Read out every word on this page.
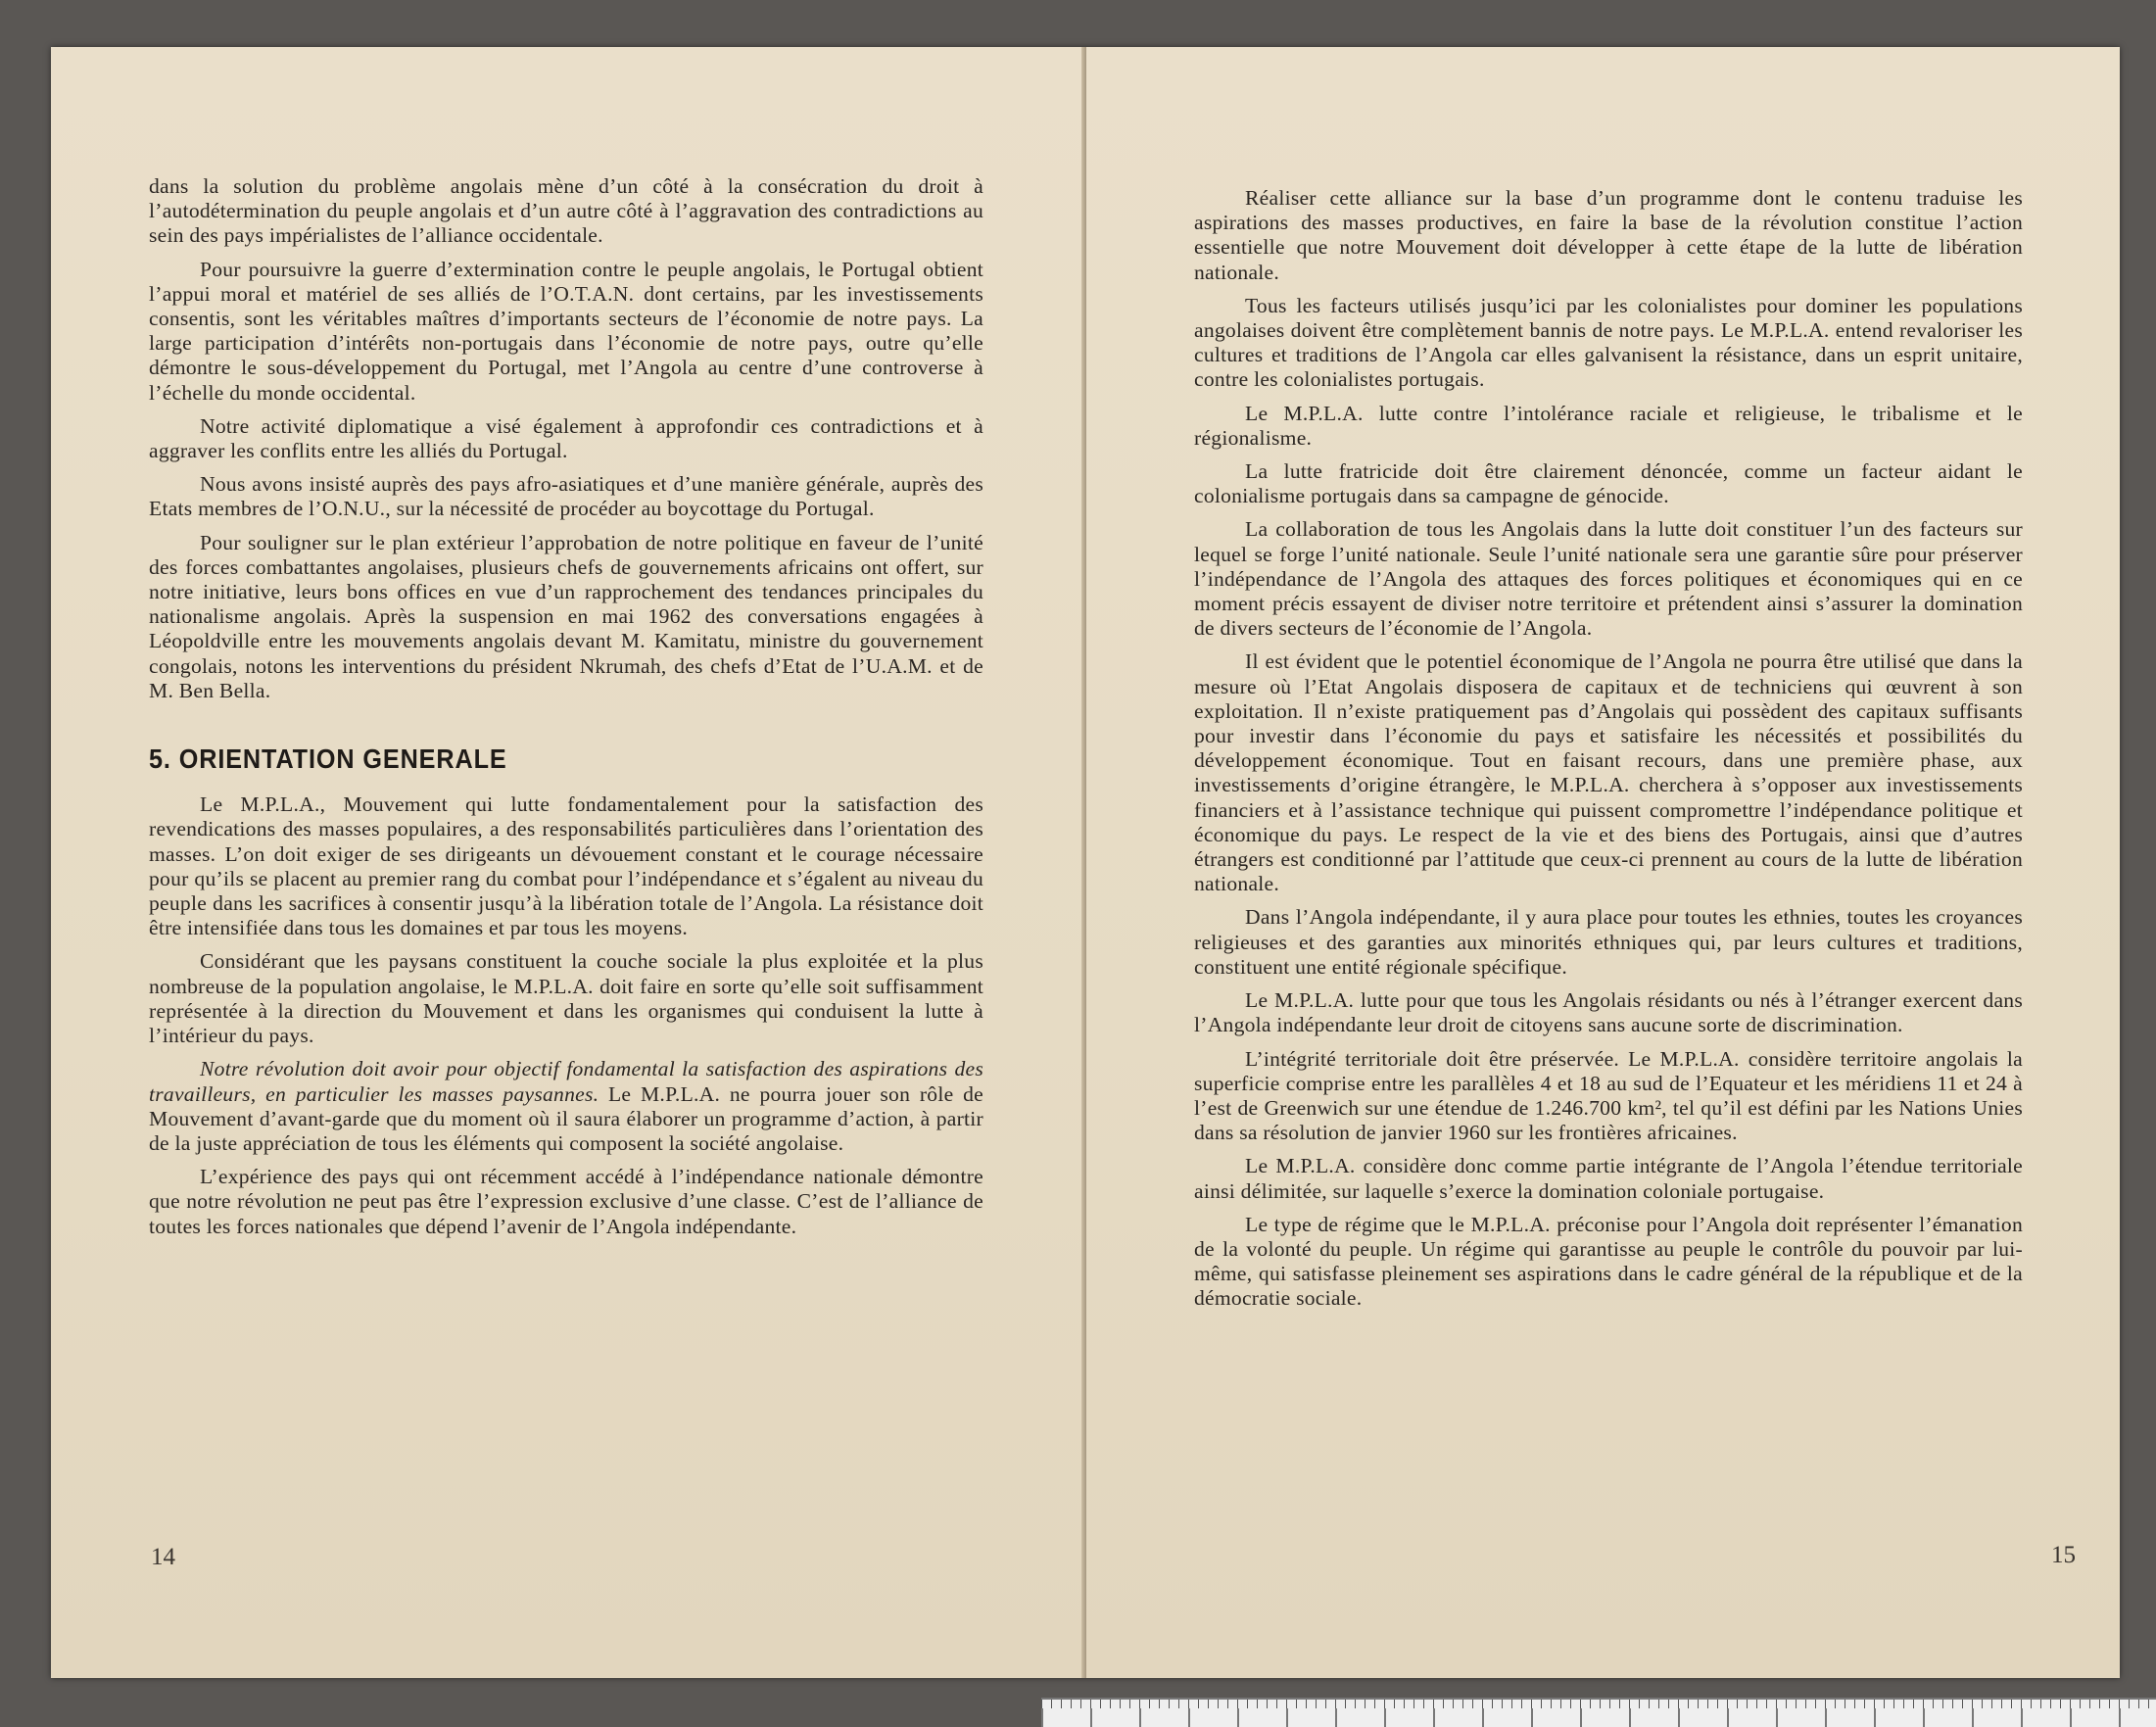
dans la solution du problème angolais mène d’un côté à la consécration du droit à l’autodétermination du peuple angolais et d’un autre côté à l’aggravation des contradictions au sein des pays impérialistes de l’alliance occidentale.

Pour poursuivre la guerre d’extermination contre le peuple angolais, le Portugal obtient l’appui moral et matériel de ses alliés de l’O.T.A.N. dont certains, par les investissements consentis, sont les véritables maîtres d’importants secteurs de l’économie de notre pays. La large participation d’intérêts non-portugais dans l’économie de notre pays, outre qu’elle démontre le sous-développement du Portugal, met l’Angola au centre d’une controverse à l’échelle du monde occidental.

Notre activité diplomatique a visé également à approfondir ces contradictions et à aggraver les conflits entre les alliés du Portugal.

Nous avons insisté auprès des pays afro-asiatiques et d’une manière générale, auprès des Etats membres de l’O.N.U., sur la nécessité de procéder au boycottage du Portugal.

Pour souligner sur le plan extérieur l’approbation de notre politique en faveur de l’unité des forces combattantes angolaises, plusieurs chefs de gouvernements africains ont offert, sur notre initiative, leurs bons offices en vue d’un rapprochement des tendances principales du nationalisme angolais. Après la suspension en mai 1962 des conversations engagées à Léopoldville entre les mouvements angolais devant M. Kamitatu, ministre du gouvernement congolais, notons les interventions du président Nkrumah, des chefs d’Etat de l’U.A.M. et de M. Ben Bella.

5. ORIENTATION GENERALE

Le M.P.L.A., Mouvement qui lutte fondamentalement pour la satisfaction des revendications des masses populaires, a des responsabilités particulières dans l’orientation des masses. L’on doit exiger de ses dirigeants un dévouement constant et le courage nécessaire pour qu’ils se placent au premier rang du combat pour l’indépendance et s’égalent au niveau du peuple dans les sacrifices à consentir jusqu’à la libération totale de l’Angola. La résistance doit être intensifiée dans tous les domaines et par tous les moyens.

Considérant que les paysans constituent la couche sociale la plus exploitée et la plus nombreuse de la population angolaise, le M.P.L.A. doit faire en sorte qu’elle soit suffisamment représentée à la direction du Mouvement et dans les organismes qui conduisent la lutte à l’intérieur du pays.

Notre révolution doit avoir pour objectif fondamental la satisfaction des aspirations des travailleurs, en particulier les masses paysannes. Le M.P.L.A. ne pourra jouer son rôle de Mouvement d’avant-garde que du moment où il saura élaborer un programme d’action, à partir de la juste appréciation de tous les éléments qui composent la société angolaise.

L’expérience des pays qui ont récemment accédé à l’indépendance nationale démontre que notre révolution ne peut pas être l’expression exclusive d’une classe. C’est de l’alliance de toutes les forces nationales que dépend l’avenir de l’Angola indépendante.

14

Réaliser cette alliance sur la base d’un programme dont le contenu traduise les aspirations des masses productives, en faire la base de la révolution constitue l’action essentielle que notre Mouvement doit développer à cette étape de la lutte de libération nationale.

Tous les facteurs utilisés jusqu’ici par les colonialistes pour dominer les populations angolaises doivent être complètement bannis de notre pays. Le M.P.L.A. entend revaloriser les cultures et traditions de l’Angola car elles galvanisent la résistance, dans un esprit unitaire, contre les colonialistes portugais.

Le M.P.L.A. lutte contre l’intolérance raciale et religieuse, le tribalisme et le régionalisme.

La lutte fratricide doit être clairement dénoncée, comme un facteur aidant le colonialisme portugais dans sa campagne de génocide.

La collaboration de tous les Angolais dans la lutte doit constituer l’un des facteurs sur lequel se forge l’unité nationale. Seule l’unité nationale sera une garantie sûre pour préserver l’indépendance de l’Angola des attaques des forces politiques et économiques qui en ce moment précis essayent de diviser notre territoire et prétendent ainsi s’assurer la domination de divers secteurs de l’économie de l’Angola.

Il est évident que le potentiel économique de l’Angola ne pourra être utilisé que dans la mesure où l’Etat Angolais disposera de capitaux et de techniciens qui œuvrent à son exploitation. Il n’existe pratiquement pas d’Angolais qui possèdent des capitaux suffisants pour investir dans l’économie du pays et satisfaire les nécessités et possibilités du développement économique. Tout en faisant recours, dans une première phase, aux investissements d’origine étrangère, le M.P.L.A. cherchera à s’opposer aux investissements financiers et à l’assistance technique qui puissent compromettre l’indépendance politique et économique du pays. Le respect de la vie et des biens des Portugais, ainsi que d’autres étrangers est conditionné par l’attitude que ceux-ci prennent au cours de la lutte de libération nationale.

Dans l’Angola indépendante, il y aura place pour toutes les ethnies, toutes les croyances religieuses et des garanties aux minorités ethniques qui, par leurs cultures et traditions, constituent une entité régionale spécifique.

Le M.P.L.A. lutte pour que tous les Angolais résidants ou nés à l’étranger exercent dans l’Angola indépendante leur droit de citoyens sans aucune sorte de discrimination.

L’intégrité territoriale doit être préservée. Le M.P.L.A. considère territoire angolais la superficie comprise entre les parallèles 4 et 18 au sud de l’Equateur et les méridiens 11 et 24 à l’est de Greenwich sur une étendue de 1.246.700 km², tel qu’il est défini par les Nations Unies dans sa résolution de janvier 1960 sur les frontières africaines.

Le M.P.L.A. considère donc comme partie intégrante de l’Angola l’étendue territoriale ainsi délimitée, sur laquelle s’exerce la domination coloniale portugaise.

Le type de régime que le M.P.L.A. préconise pour l’Angola doit représenter l’émanation de la volonté du peuple. Un régime qui garantisse au peuple le contrôle du pouvoir par lui-même, qui satisfasse pleinement ses aspirations dans le cadre général de la république et de la démocratie sociale.

15
